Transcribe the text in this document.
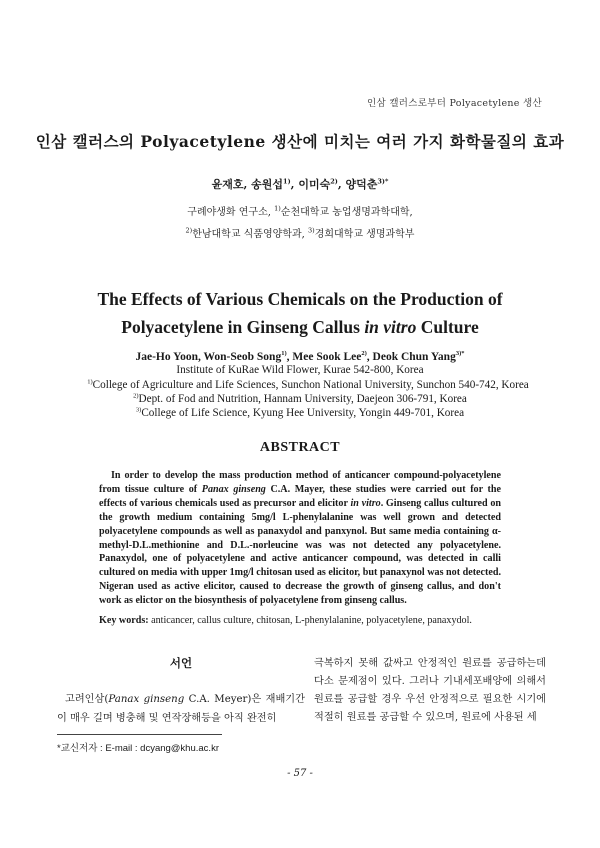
인삼 캘러스로부터 Polyacetylene 생산
인삼 캘러스의 Polyacetylene 생산에 미치는 여러 가지 화학물질의 효과
윤재호, 송원섭$^{1)}$, 이미숙$^{2)}$, 양덕춘$^{3)*}$
구례야생화 연구소, $^{1)}$순천대학교 농업생명과학대학,
$^{2)}$한남대학교 식품영양학과, $^{3)}$경희대학교 생명과학부
The Effects of Various Chemicals on the Production of
Polyacetylene in Ginseng Callus in vitro Culture
Jae-Ho Yoon, Won-Seob Song$^{1)}$, Mee Sook Lee$^{2)}$, Deok Chun Yang$^{3)*}$
Institute of KuRae Wild Flower, Kurae 542-800, Korea
$^{1)}$College of Agriculture and Life Sciences, Sunchon National University, Sunchon 540-742, Korea
$^{2)}$Dept. of Fod and Nutrition, Hannam University, Daejeon 306-791, Korea
$^{3)}$College of Life Science, Kyung Hee University, Yongin 449-701, Korea
ABSTRACT
In order to develop the mass production method of anticancer compound-polyacetylene from tissue culture of Panax ginseng C.A. Mayer, these studies were carried out for the effects of various chemicals used as precursor and elicitor in vitro. Ginseng callus cultured on the growth medium containing 5mg/l L-phenylalanine was well grown and detected polyacetylene compounds as well as panaxydol and panxynol. But same media containing α-methyl-D.L.methionine and D.L.-norleucine was was not detected any polyacetylene. Panaxydol, one of polyacetylene and active anticancer compound, was detected in calli cultured on media with upper 1mg/l chitosan used as elicitor, but panaxynol was not detected. Nigeran used as active elicitor, caused to decrease the growth of ginseng callus, and don't work as elictor on the biosynthesis of polyacetylene from ginseng callus.
Key words: anticancer, callus culture, chitosan, L-phenylalanine, polyacetylene, panaxydol.
서언

고려인삼(Panax ginseng C.A. Meyer)은 재배기간이 매우 길며 병충해 및 연작장해등을 아직 완전히

극복하지 못해 값싸고 안정적인 원료를 공급하는데 다소 문제점이 있다. 그러나 기내세포배양에 의해서 원료를 공급할 경우 우선 안정적으로 필요한 시기에 적절히 원료를 공급할 수 있으며, 원료에 사용된 세
*교신저자 : E-mail : dcyang@khu.ac.kr
- 57 -
